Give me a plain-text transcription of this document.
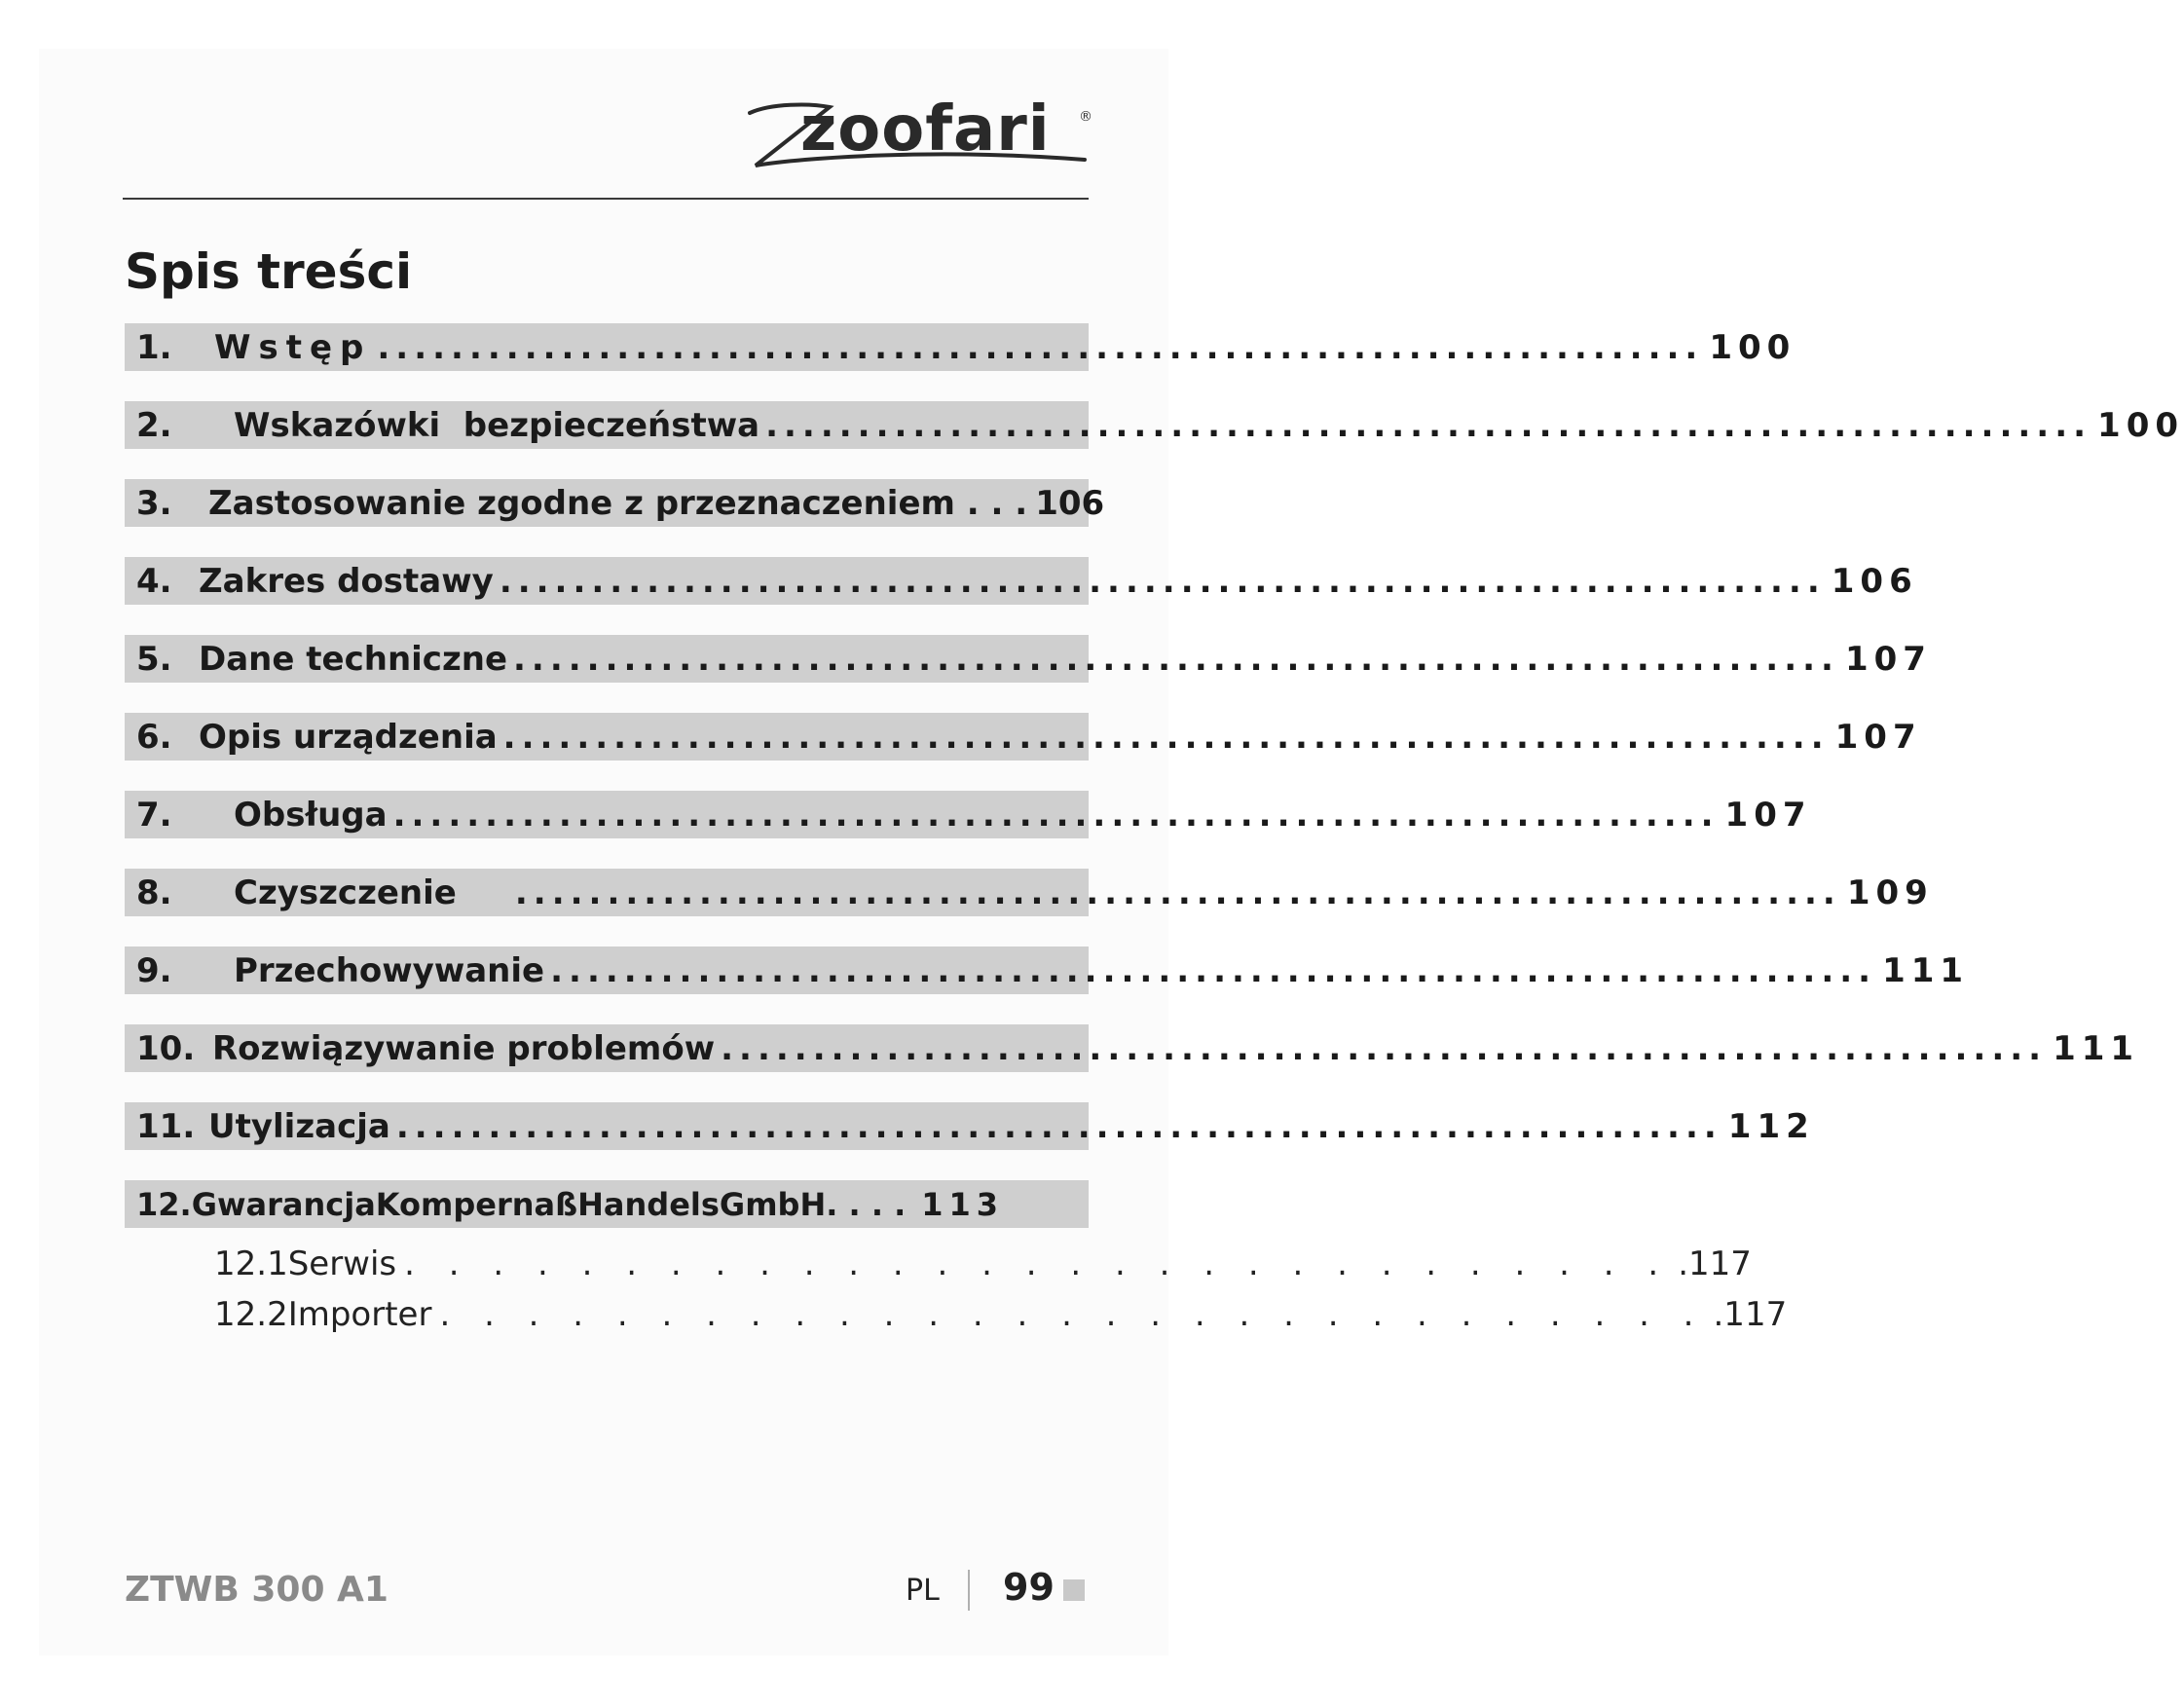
zoofari ®
Spis treści
1.	Wstęp ........................................................................ 100
2.	Wskazówki  bezpieczeństwa ........................................................................ 100
3.	Zastosowanie zgodne z przeznaczeniem . . . 106
4. Zakres dostawy ........................................................................ 106
5. Dane techniczne ........................................................................ 107
6. Opis urządzenia ........................................................................ 107
7.	Obsługa ........................................................................ 107
8.	Czyszczenie ........................................................................ 109
9.	Przechowywanie ........................................................................ 111
10. Rozwiązywanie problemów ........................................................................ 111
11. Utylizacja ........................................................................ 112
12. GwarancjaKompernaßHandelsGmbH. . . . 113
12.1 Serwis . . . . . . . . . . . . . . . . . . . . . . . . . . . . . .117
12.2 Importer . . . . . . . . . . . . . . . . . . . . . . . . . . . . . .117
ZTWB 300 A1	PL 99
